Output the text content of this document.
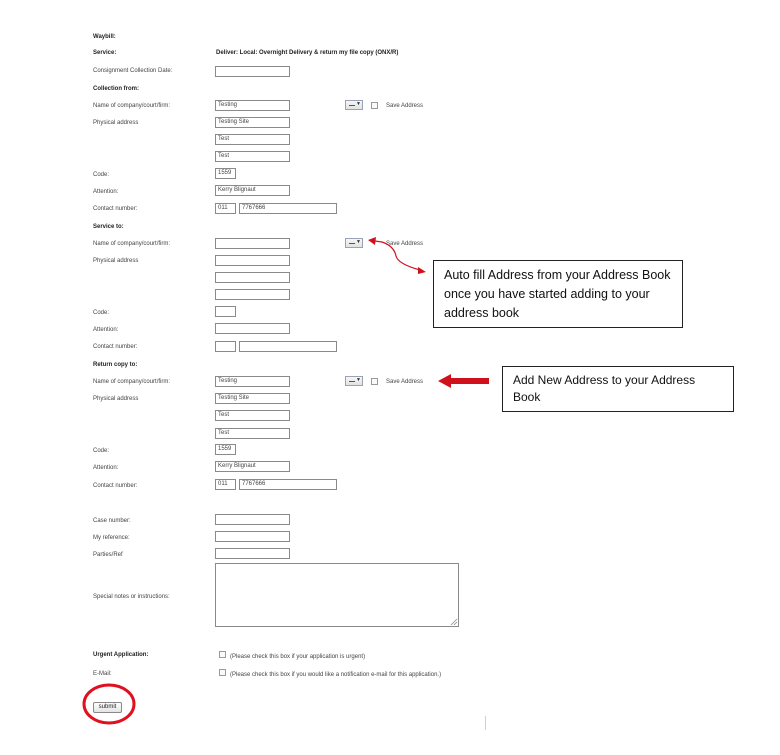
Waybill:
Service:	Deliver: Local: Overnight Delivery & return my file copy (ONX/R)
Consignment Collection Date:
Collection from:
Name of company/court/firm:	Testing	▼	Save Address
Physical address	Testing Site
Test
Test
Code:	1559
Attention:	Kerry Blignaut
Contact number:	011	7767666
Service to:
Name of company/court/firm:	▼	Save Address
Physical address
Code:
Attention:
Contact number:
Return copy to:
Name of company/court/firm:	Testing	▼	Save Address
Physical address	Testing Site
Test
Test
Code:	1559
Attention:	Kerry Blignaut
Contact number:	011	7767666
Case number:
My reference:
Parties/Ref
Special notes or instructions:
Urgent Application:	(Please check this box if your application is urgent)
E-Mail:	(Please check this box if you would like a notification e-mail for this application.)
submit
Auto fill Address from your Address Book once you have started adding to your address book
Add New Address to your Address Book
